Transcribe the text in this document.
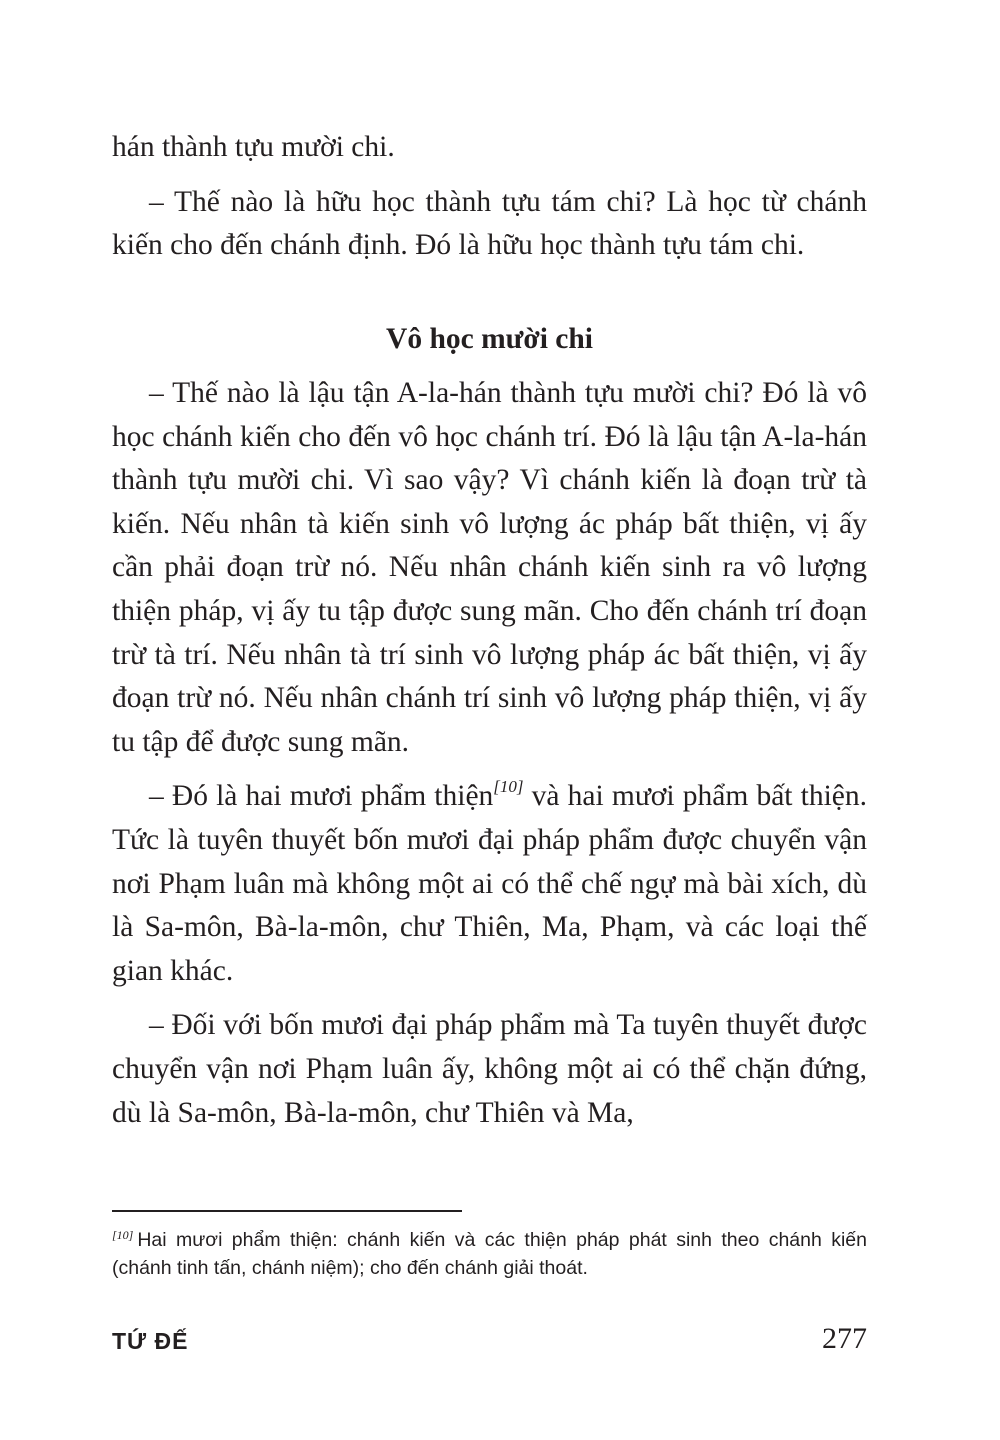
hán thành tựu mười chi.

– Thế nào là hữu học thành tựu tám chi? Là học từ chánh kiến cho đến chánh định. Đó là hữu học thành tựu tám chi.

Vô học mười chi

– Thế nào là lậu tận A-la-hán thành tựu mười chi? Đó là vô học chánh kiến cho đến vô học chánh trí. Đó là lậu tận A-la-hán thành tựu mười chi. Vì sao vậy? Vì chánh kiến là đoạn trừ tà kiến. Nếu nhân tà kiến sinh vô lượng ác pháp bất thiện, vị ấy cần phải đoạn trừ nó. Nếu nhân chánh kiến sinh ra vô lượng thiện pháp, vị ấy tu tập được sung mãn. Cho đến chánh trí đoạn trừ tà trí. Nếu nhân tà trí sinh vô lượng pháp ác bất thiện, vị ấy đoạn trừ nó. Nếu nhân chánh trí sinh vô lượng pháp thiện, vị ấy tu tập để được sung mãn.

– Đó là hai mươi phẩm thiện[10] và hai mươi phẩm bất thiện. Tức là tuyên thuyết bốn mươi đại pháp phẩm được chuyển vận nơi Phạm luân mà không một ai có thể chế ngự mà bài xích, dù là Sa-môn, Bà-la-môn, chư Thiên, Ma, Phạm, và các loại thế gian khác.

– Đối với bốn mươi đại pháp phẩm mà Ta tuyên thuyết được chuyển vận nơi Phạm luân ấy, không một ai có thể chặn đứng, dù là Sa-môn, Bà-la-môn, chư Thiên và Ma,

[10] Hai mươi phẩm thiện: chánh kiến và các thiện pháp phát sinh theo chánh kiến (chánh tinh tấn, chánh niệm); cho đến chánh giải thoát.
TỨ ĐẾ	277
